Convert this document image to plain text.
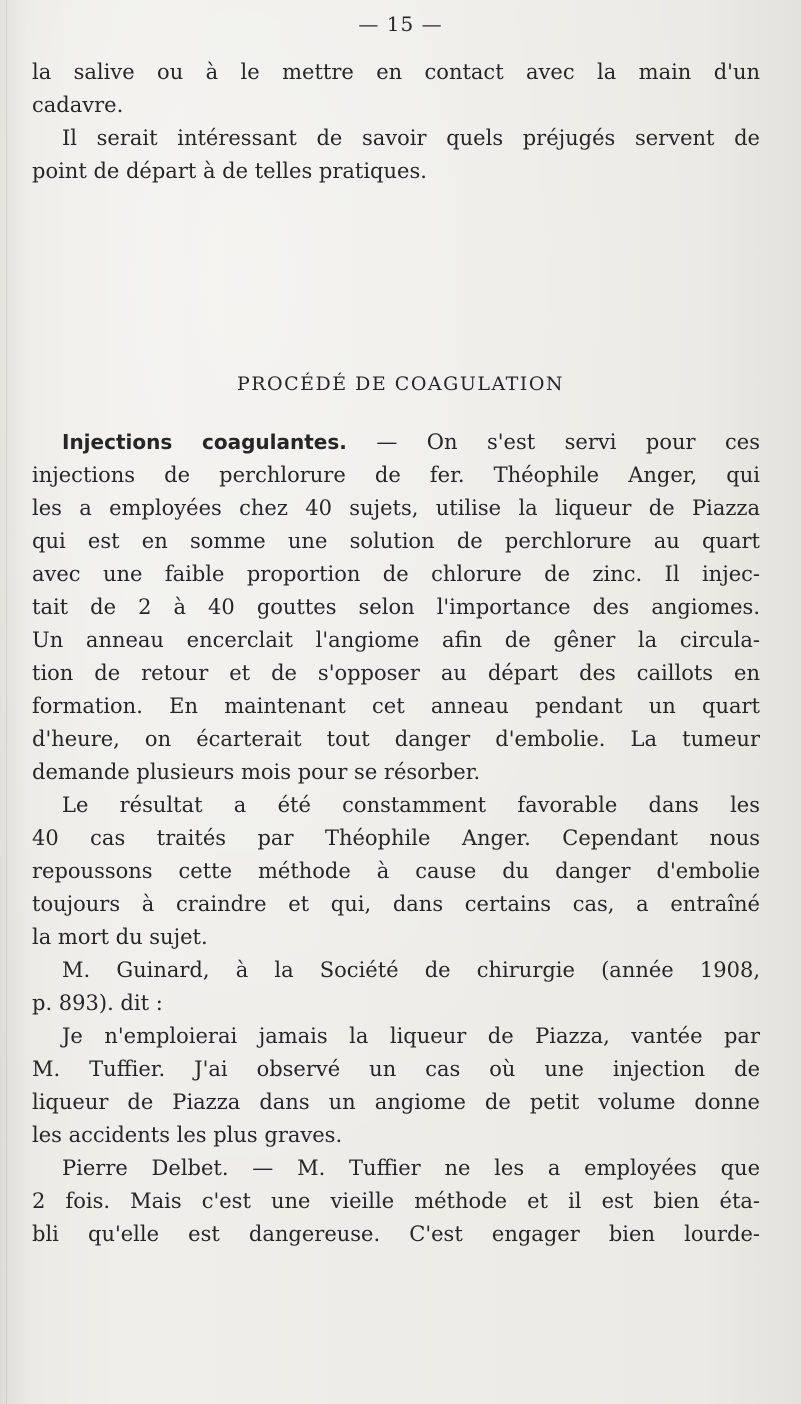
— 15 —
la salive ou à le mettre en contact avec la main d'un
cadavre.
Il serait intéressant de savoir quels préjugés servent de
point de départ à de telles pratiques.
PROCÉDÉ DE COAGULATION
Injections coagulantes. — On s'est servi pour ces
injections de perchlorure de fer. Théophile Anger, qui
les a employées chez 40 sujets, utilise la liqueur de Piazza
qui est en somme une solution de perchlorure au quart
avec une faible proportion de chlorure de zinc. Il injec-
tait de 2 à 40 gouttes selon l'importance des angiomes.
Un anneau encerclait l'angiome afin de gêner la circula-
tion de retour et de s'opposer au départ des caillots en
formation. En maintenant cet anneau pendant un quart
d'heure, on écarterait tout danger d'embolie. La tumeur
demande plusieurs mois pour se résorber.
Le résultat a été constamment favorable dans les
40 cas traités par Théophile Anger. Cependant nous
repoussons cette méthode à cause du danger d'embolie
toujours à craindre et qui, dans certains cas, a entraîné
la mort du sujet.
M. Guinard, à la Société de chirurgie (année 1908,
p. 893). dit :
Je n'emploierai jamais la liqueur de Piazza, vantée par
M. Tuffier. J'ai observé un cas où une injection de
liqueur de Piazza dans un angiome de petit volume donne
les accidents les plus graves.
Pierre Delbet. — M. Tuffier ne les a employées que
2 fois. Mais c'est une vieille méthode et il est bien éta-
bli qu'elle est dangereuse. C'est engager bien lourde-
